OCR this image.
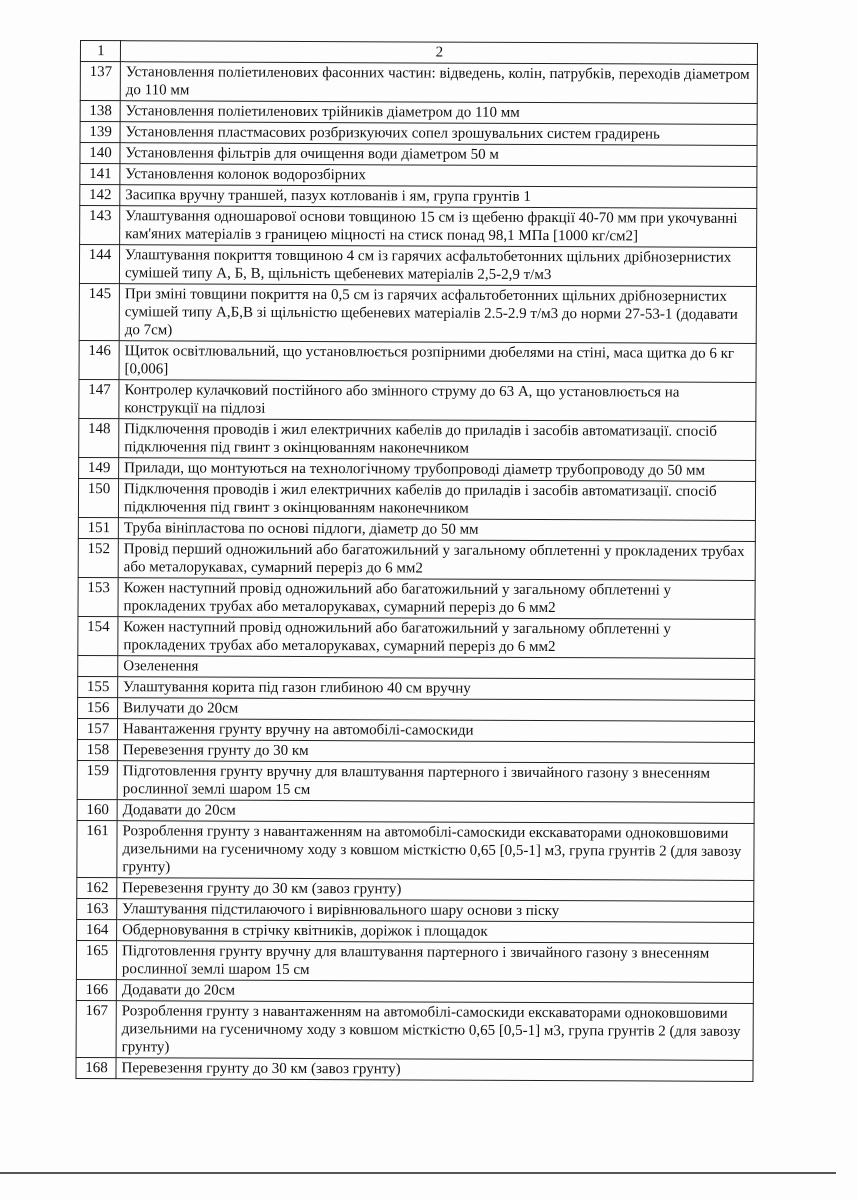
1	2
137	Установлення поліетиленових фасонних частин: відведень, колін, патрубків, переходів діаметром до 110 мм
138	Установлення поліетиленових трійників діаметром до 110 мм
139	Установлення пластмасових розбризкуючих сопел зрошувальних систем градирень
140	Установлення фільтрів для очищення води діаметром 50 м
141	Установлення колонок водорозбірних
142	Засипка вручну траншей, пазух котлованів і ям, група грунтів 1
143	Улаштування одношарової основи товщиною 15 см із щебеню фракції 40-70 мм при укочуванні кам'яних матеріалів з границею міцності на стиск понад 98,1 МПа [1000 кг/см2]
144	Улаштування покриття товщиною 4 см із гарячих асфальтобетонних щільних дрібнозернистих сумішей типу А, Б, В, щільність щебеневих матеріалів 2,5-2,9 т/м3
145	При зміні товщини покриття на 0,5 см із гарячих асфальтобетонних щільних дрібнозернистих сумішей типу А,Б,В зі щільністю щебеневих матеріалів 2.5-2.9 т/м3 до норми 27-53-1 (додавати до 7см)
146	Щиток освітлювальний, що установлюється розпірними дюбелями на стіні, маса щитка до 6 кг [0,006]
147	Контролер кулачковий постійного або змінного струму до 63 А, що установлюється на конструкції на підлозі
148	Підключення проводів і жил електричних кабелів до приладів і засобів автоматизації. спосіб підключення під гвинт з окінцюванням наконечником
149	Прилади, що монтуються на технологічному трубопроводі діаметр трубопроводу до 50 мм
150	Підключення проводів і жил електричних кабелів до приладів і засобів автоматизації. спосіб підключення під гвинт з окінцюванням наконечником
151	Труба вініпластова по основі підлоги, діаметр до 50 мм
152	Провід перший одножильний або багатожильний у загальному обплетенні у прокладених трубах або металорукавах, сумарний переріз до 6 мм2
153	Кожен наступний провід одножильний або багатожильний у загальному обплетенні у прокладених трубах або металорукавах, сумарний переріз до 6 мм2
154	Кожен наступний провід одножильний або багатожильний у загальному обплетенні у прокладених трубах або металорукавах, сумарний переріз до 6 мм2
	Озеленення
155	Улаштування корита під газон глибиною 40 см вручну
156	Вилучати до 20см
157	Навантаження грунту вручну на автомобілі-самоскиди
158	Перевезення грунту до 30 км
159	Підготовлення грунту вручну для влаштування партерного і звичайного газону з внесенням рослинної землі шаром 15 см
160	Додавати до 20см
161	Розроблення грунту з навантаженням на автомобілі-самоскиди екскаваторами одноковшовими дизельними на гусеничному ходу з ковшом місткістю 0,65 [0,5-1] м3, група грунтів 2 (для завозу грунту)
162	Перевезення грунту до 30 км (завоз грунту)
163	Улаштування підстилаючого і вирівнювального шару основи з піску
164	Обдерновування в стрічку квітників, доріжок і площадок
165	Підготовлення грунту вручну для влаштування партерного і звичайного газону з внесенням рослинної землі шаром 15 см
166	Додавати до 20см
167	Розроблення грунту з навантаженням на автомобілі-самоскиди екскаваторами одноковшовими дизельними на гусеничному ходу з ковшом місткістю 0,65 [0,5-1] м3, група грунтів 2 (для завозу грунту)
168	Перевезення грунту до 30 км (завоз грунту)
